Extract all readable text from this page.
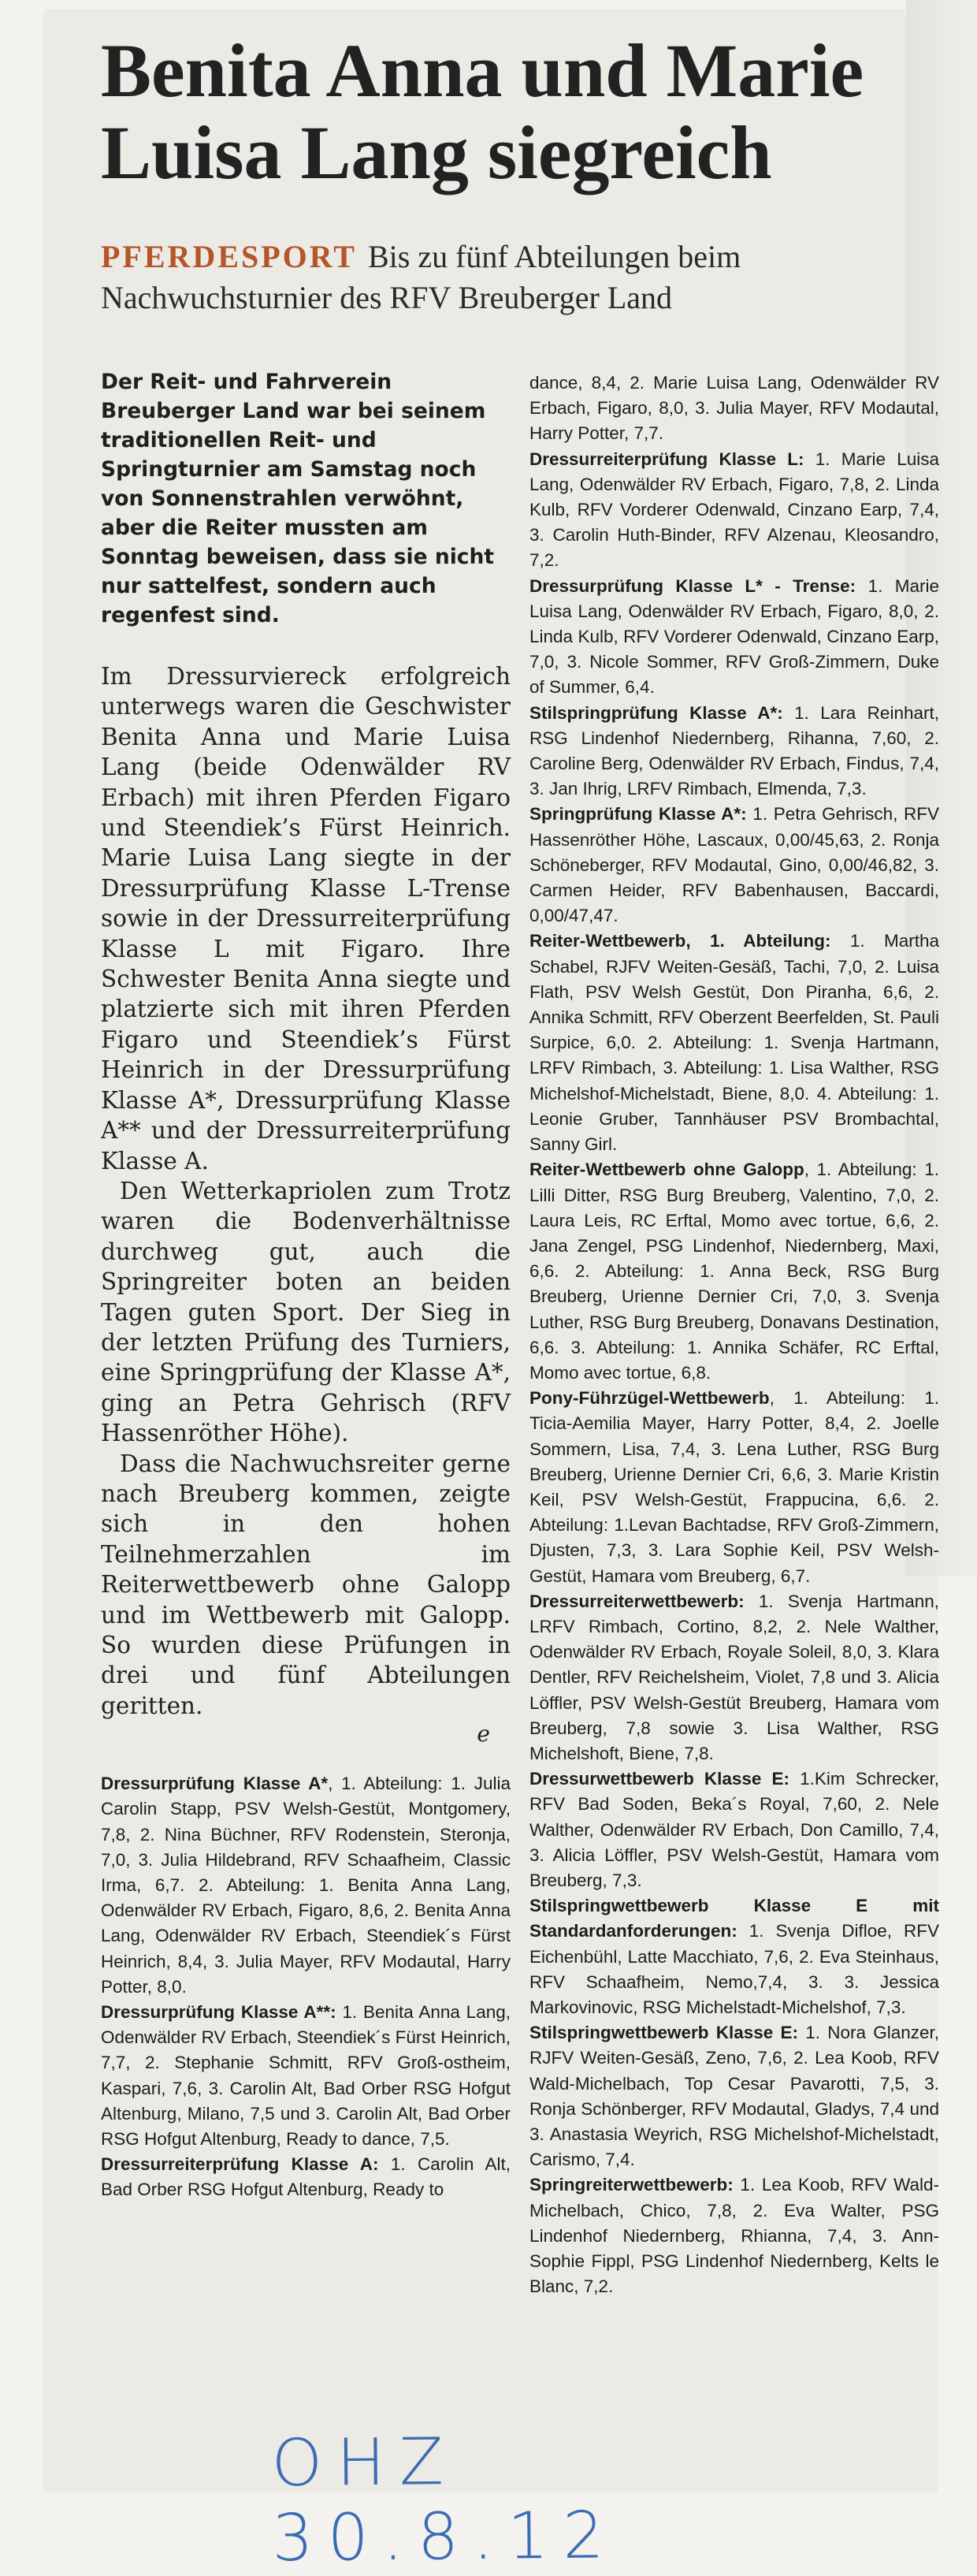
Benita Anna und Marie Luisa Lang siegreich
PFERDESPORT Bis zu fünf Abteilungen beim Nachwuchsturnier des RFV Breuberger Land

Der Reit- und Fahrverein Breuberger Land war bei seinem traditionellen Reit- und Springturnier am Samstag noch von Sonnenstrahlen verwöhnt, aber die Reiter mussten am Sonntag beweisen, dass sie nicht nur sattelfest, sondern auch regenfest sind.

Im Dressurviereck erfolgreich unterwegs waren die Geschwister Benita Anna und Marie Luisa Lang (beide Odenwälder RV Erbach) mit ihren Pferden Figaro und Steendiek’s Fürst Heinrich. Marie Luisa Lang siegte in der Dressurprüfung Klasse L-Trense sowie in der Dressurreiterprüfung Klasse L mit Figaro. Ihre Schwester Benita Anna siegte und platzierte sich mit ihren Pferden Figaro und Steendiek’s Fürst Heinrich in der Dressurprüfung Klasse A*, Dressurprüfung Klasse A** und der Dressurreiterprüfung Klasse A.

Den Wetterkapriolen zum Trotz waren die Bodenverhältnisse durchweg gut, auch die Springreiter boten an beiden Tagen guten Sport. Der Sieg in der letzten Prüfung des Turniers, eine Springprüfung der Klasse A*, ging an Petra Gehrisch (RFV Hassenröther Höhe).

Dass die Nachwuchsreiter gerne nach Breuberg kommen, zeigte sich in den hohen Teilnehmerzahlen im Reiterwettbewerb ohne Galopp und im Wettbewerb mit Galopp. So wurden diese Prüfungen in drei und fünf Abteilungen geritten.

e

Dressurprüfung Klasse A*, 1. Abteilung: 1. Julia Carolin Stapp, PSV Welsh-Gestüt, Montgomery, 7,8, 2. Nina Büchner, RFV Rodenstein, Steronja, 7,0, 3. Julia Hildebrand, RFV Schaafheim, Classic Irma, 6,7. 2. Abteilung: 1. Benita Anna Lang, Odenwälder RV Erbach, Figaro, 8,6, 2. Benita Anna Lang, Odenwälder RV Erbach, Steendiek´s Fürst Heinrich, 8,4, 3. Julia Mayer, RFV Modautal, Harry Potter, 8,0.

Dressurprüfung Klasse A**: 1. Benita Anna Lang, Odenwälder RV Erbach, Steendiek´s Fürst Heinrich, 7,7, 2. Stephanie Schmitt, RFV Groß-ostheim, Kaspari, 7,6, 3. Carolin Alt, Bad Orber RSG Hofgut Altenburg, Milano, 7,5 und 3. Carolin Alt, Bad Orber RSG Hofgut Altenburg, Ready to dance, 7,5.

Dressurreiterprüfung Klasse A: 1. Carolin Alt, Bad Orber RSG Hofgut Altenburg, Ready to

dance, 8,4, 2. Marie Luisa Lang, Odenwälder RV Erbach, Figaro, 8,0, 3. Julia Mayer, RFV Modautal, Harry Potter, 7,7.

Dressurreiterprüfung Klasse L: 1. Marie Luisa Lang, Odenwälder RV Erbach, Figaro, 7,8, 2. Linda Kulb, RFV Vorderer Odenwald, Cinzano Earp, 7,4, 3. Carolin Huth-Binder, RFV Alzenau, Kleosandro, 7,2.

Dressurprüfung Klasse L* - Trense: 1. Marie Luisa Lang, Odenwälder RV Erbach, Figaro, 8,0, 2. Linda Kulb, RFV Vorderer Odenwald, Cinzano Earp, 7,0, 3. Nicole Sommer, RFV Groß-Zimmern, Duke of Summer, 6,4.

Stilspringprüfung Klasse A*: 1. Lara Reinhart, RSG Lindenhof Niedernberg, Rihanna, 7,60, 2. Caroline Berg, Odenwälder RV Erbach, Findus, 7,4, 3. Jan Ihrig, LRFV Rimbach, Elmenda, 7,3.

Springprüfung Klasse A*: 1. Petra Gehrisch, RFV Hassenröther Höhe, Lascaux, 0,00/45,63, 2. Ronja Schöneberger, RFV Modautal, Gino, 0,00/46,82, 3. Carmen Heider, RFV Babenhausen, Baccardi, 0,00/47,47.

Reiter-Wettbewerb, 1. Abteilung: 1. Martha Schabel, RJFV Weiten-Gesäß, Tachi, 7,0, 2. Luisa Flath, PSV Welsh Gestüt, Don Piranha, 6,6, 2. Annika Schmitt, RFV Oberzent Beerfelden, St. Pauli Surpice, 6,0. 2. Abteilung: 1. Svenja Hartmann, LRFV Rimbach, 3. Abteilung: 1. Lisa Walther, RSG Michelshof-Michelstadt, Biene, 8,0. 4. Abteilung: 1. Leonie Gruber, Tannhäuser PSV Brombachtal, Sanny Girl.

Reiter-Wettbewerb ohne Galopp, 1. Abteilung: 1. Lilli Ditter, RSG Burg Breuberg, Valentino, 7,0, 2. Laura Leis, RC Erftal, Momo avec tortue, 6,6, 2. Jana Zengel, PSG Lindenhof, Niedernberg, Maxi, 6,6. 2. Abteilung: 1. Anna Beck, RSG Burg Breuberg, Urienne Dernier Cri, 7,0, 3. Svenja Luther, RSG Burg Breuberg, Donavans Destination, 6,6. 3. Abteilung: 1. Annika Schäfer, RC Erftal, Momo avec tortue, 6,8.

Pony-Führzügel-Wettbewerb, 1. Abteilung: 1. Ticia-Aemilia Mayer, Harry Potter, 8,4, 2. Joelle Sommern, Lisa, 7,4, 3. Lena Luther, RSG Burg Breuberg, Urienne Dernier Cri, 6,6, 3. Marie Kristin Keil, PSV Welsh-Gestüt, Frappucina, 6,6. 2. Abteilung: 1.Levan Bachtadse, RFV Groß-Zimmern, Djusten, 7,3, 3. Lara Sophie Keil, PSV Welsh-Gestüt, Hamara vom Breuberg, 6,7.

Dressurreiterwettbewerb: 1. Svenja Hartmann, LRFV Rimbach, Cortino, 8,2, 2. Nele Walther, Odenwälder RV Erbach, Royale Soleil, 8,0, 3. Klara Dentler, RFV Reichelsheim, Violet, 7,8 und 3. Alicia Löffler, PSV Welsh-Gestüt Breuberg, Hamara vom Breuberg, 7,8 sowie 3. Lisa Walther, RSG Michelshoft, Biene, 7,8.

Dressurwettbewerb Klasse E: 1.Kim Schrecker, RFV Bad Soden, Beka´s Royal, 7,60, 2. Nele Walther, Odenwälder RV Erbach, Don Camillo, 7,4, 3. Alicia Löffler, PSV Welsh-Gestüt, Hamara vom Breuberg, 7,3.

Stilspringwettbewerb Klasse E mit Standardanforderungen: 1. Svenja Difloe, RFV Eichenbühl, Latte Macchiato, 7,6, 2. Eva Steinhaus, RFV Schaafheim, Nemo,7,4, 3. 3. Jessica Markovinovic, RSG Michelstadt-Michelshof, 7,3.

Stilspringwettbewerb Klasse E: 1. Nora Glanzer, RJFV Weiten-Gesäß, Zeno, 7,6, 2. Lea Koob, RFV Wald-Michelbach, Top Cesar Pavarotti, 7,5, 3. Ronja Schönberger, RFV Modautal, Gladys, 7,4 und 3. Anastasia Weyrich, RSG Michelshof-Michelstadt, Carismo, 7,4.

Springreiterwettbewerb: 1. Lea Koob, RFV Wald-Michelbach, Chico, 7,8, 2. Eva Walter, PSG Lindenhof Niedernberg, Rhianna, 7,4, 3. Ann-Sophie Fippl, PSG Lindenhof Niedernberg, Kelts le Blanc, 7,2.

OHZ 30.8.12
